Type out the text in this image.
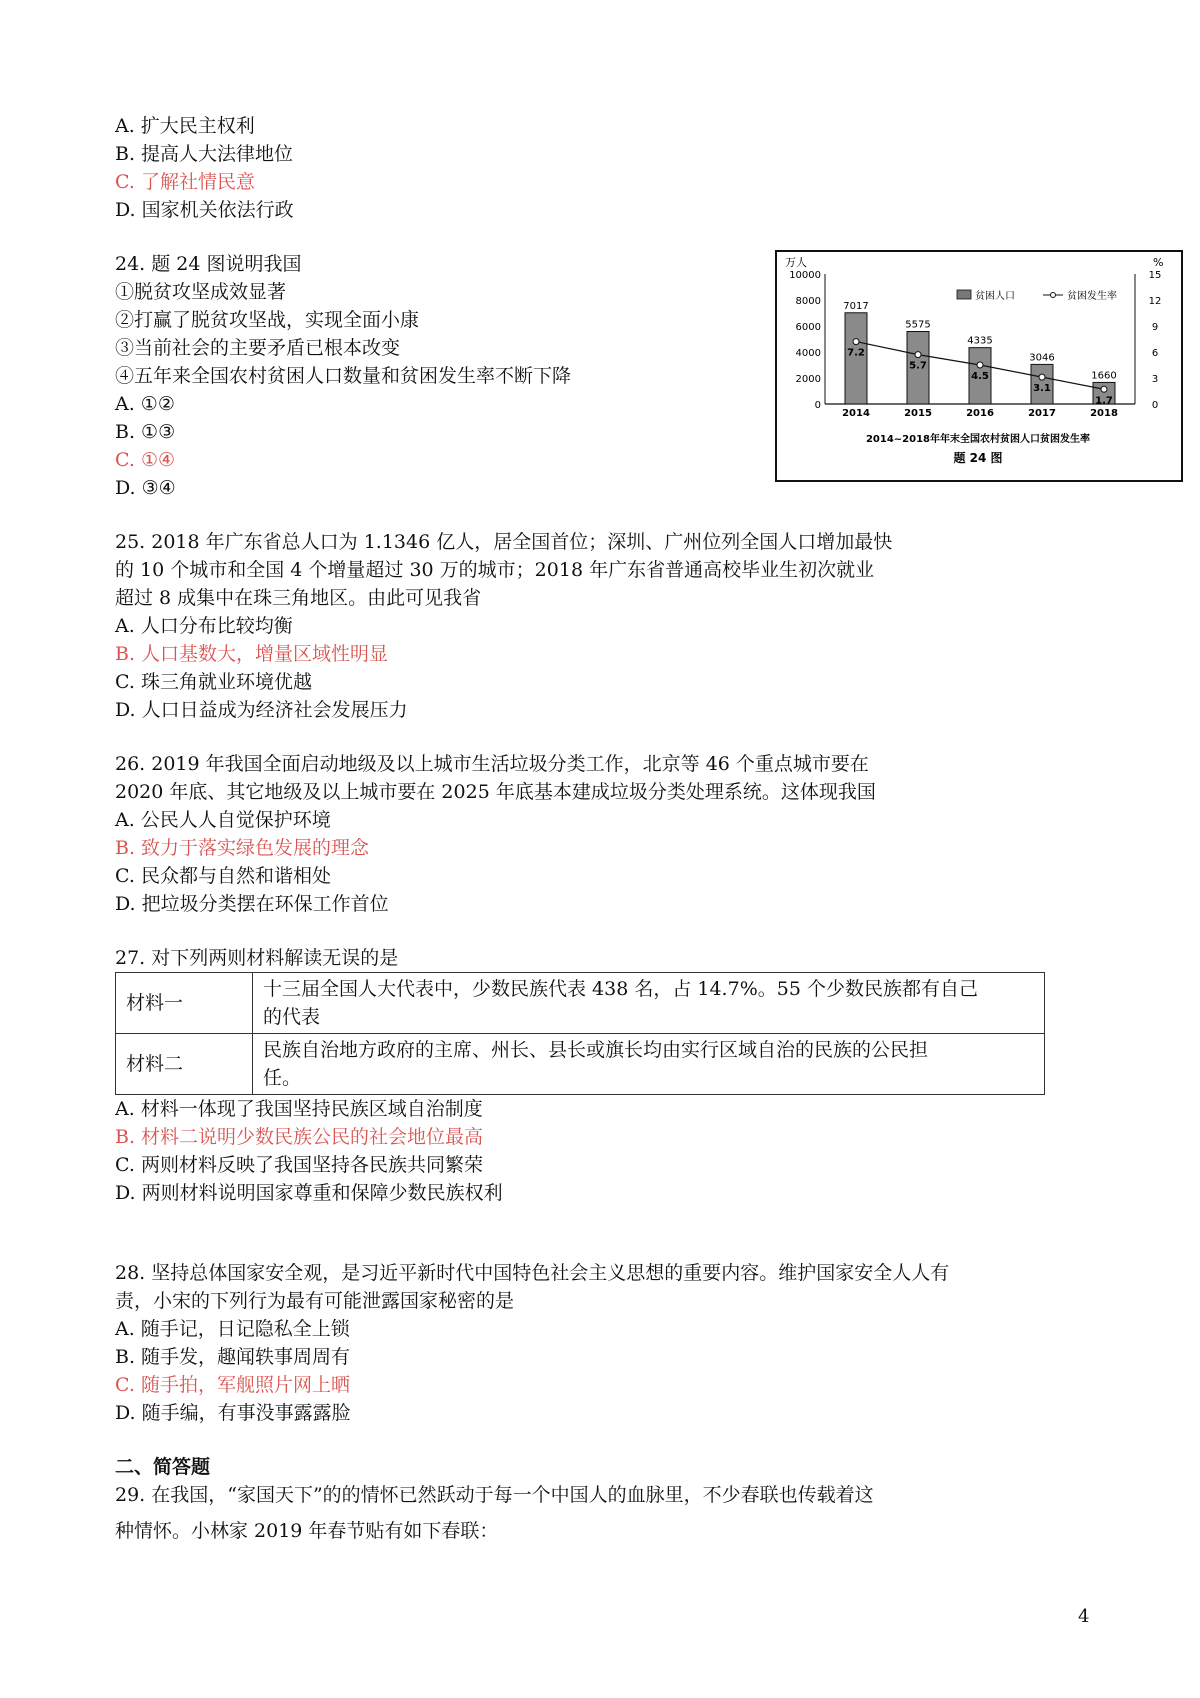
A. 扩大民主权利
B. 提高人大法律地位
C. 了解社情民意
D. 国家机关依法行政
24. 题 24 图说明我国
①脱贫攻坚成效显著
②打赢了脱贫攻坚战，实现全面小康
③当前社会的主要矛盾已根本改变
④五年来全国农村贫困人口数量和贫困发生率不断下降
A. ①②
B. ①③
C. ①④
D. ③④
万人	%
10000
8000
6000
4000
2000
0
15
12
9
6
3
0
7017
2014
5575
2015
4335
2016
3046
2017
1660
2018
7.2
5.7
4.5
3.1
1.7
贫困人口	贫困发生率
2014~2018年年末全国农村贫困人口贫困发生率
题 24 图
25. 2018 年广东省总人口为 1.1346 亿人，居全国首位；深圳、广州位列全国人口增加最快
的 10 个城市和全国 4 个增量超过 30 万的城市；2018 年广东省普通高校毕业生初次就业
超过 8 成集中在珠三角地区。由此可见我省
A. 人口分布比较均衡
B. 人口基数大，增量区域性明显
C. 珠三角就业环境优越
D. 人口日益成为经济社会发展压力
26. 2019 年我国全面启动地级及以上城市生活垃圾分类工作，北京等 46 个重点城市要在
2020 年底、其它地级及以上城市要在 2025 年底基本建成垃圾分类处理系统。这体现我国
A. 公民人人自觉保护环境
B. 致力于落实绿色发展的理念
C. 民众都与自然和谐相处
D. 把垃圾分类摆在环保工作首位
27. 对下列两则材料解读无误的是
材料一	十三届全国人大代表中，少数民族代表 438 名，占 14.7%。55 个少数民族都有自己
的代表

材料二	民族自治地方政府的主席、州长、县长或旗长均由实行区域自治的民族的公民担
任。
A. 材料一体现了我国坚持民族区域自治制度
B. 材料二说明少数民族公民的社会地位最高
C. 两则材料反映了我国坚持各民族共同繁荣
D. 两则材料说明国家尊重和保障少数民族权利
28. 坚持总体国家安全观，是习近平新时代中国特色社会主义思想的重要内容。维护国家安全人人有
责，小宋的下列行为最有可能泄露国家秘密的是
A. 随手记，日记隐私全上锁
B. 随手发，趣闻轶事周周有
C. 随手拍，军舰照片网上晒
D. 随手编，有事没事露露脸
二、简答题
29. 在我国，“家国天下”的的情怀已然跃动于每一个中国人的血脉里，不少春联也传载着这
种情怀。小林家 2019 年春节贴有如下春联：
4
